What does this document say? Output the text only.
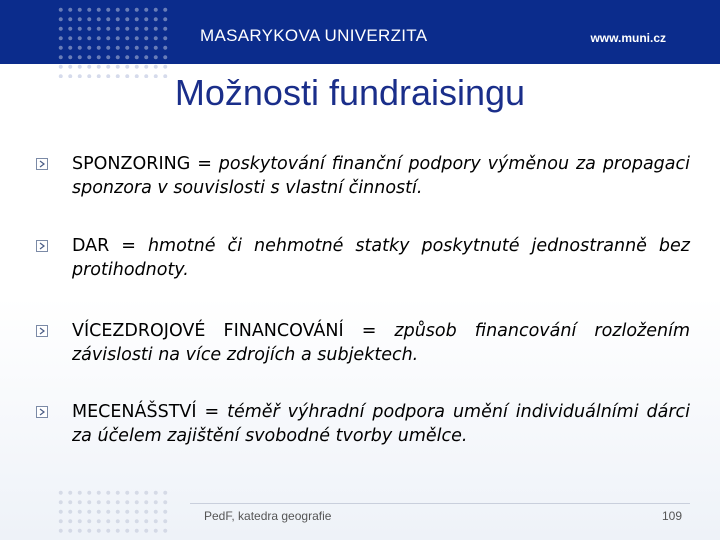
MASARYKOVA UNIVERZITA	www.muni.cz
Možnosti fundraisingu
SPONZORING = poskytování finanční podpory výměnou za propagaci sponzora v souvislosti s vlastní činností.
DAR = hmotné či nehmotné statky poskytnuté jednostranně bez protihodnoty.
VÍCEZDROJOVÉ FINANCOVÁNÍ = způsob financování rozložením závislosti na více zdrojích a subjektech.
MECENÁŠSTVÍ = téměř výhradní podpora umění individuálními dárci za účelem zajištění svobodné tvorby umělce.
PedF, katedra geografie	109
